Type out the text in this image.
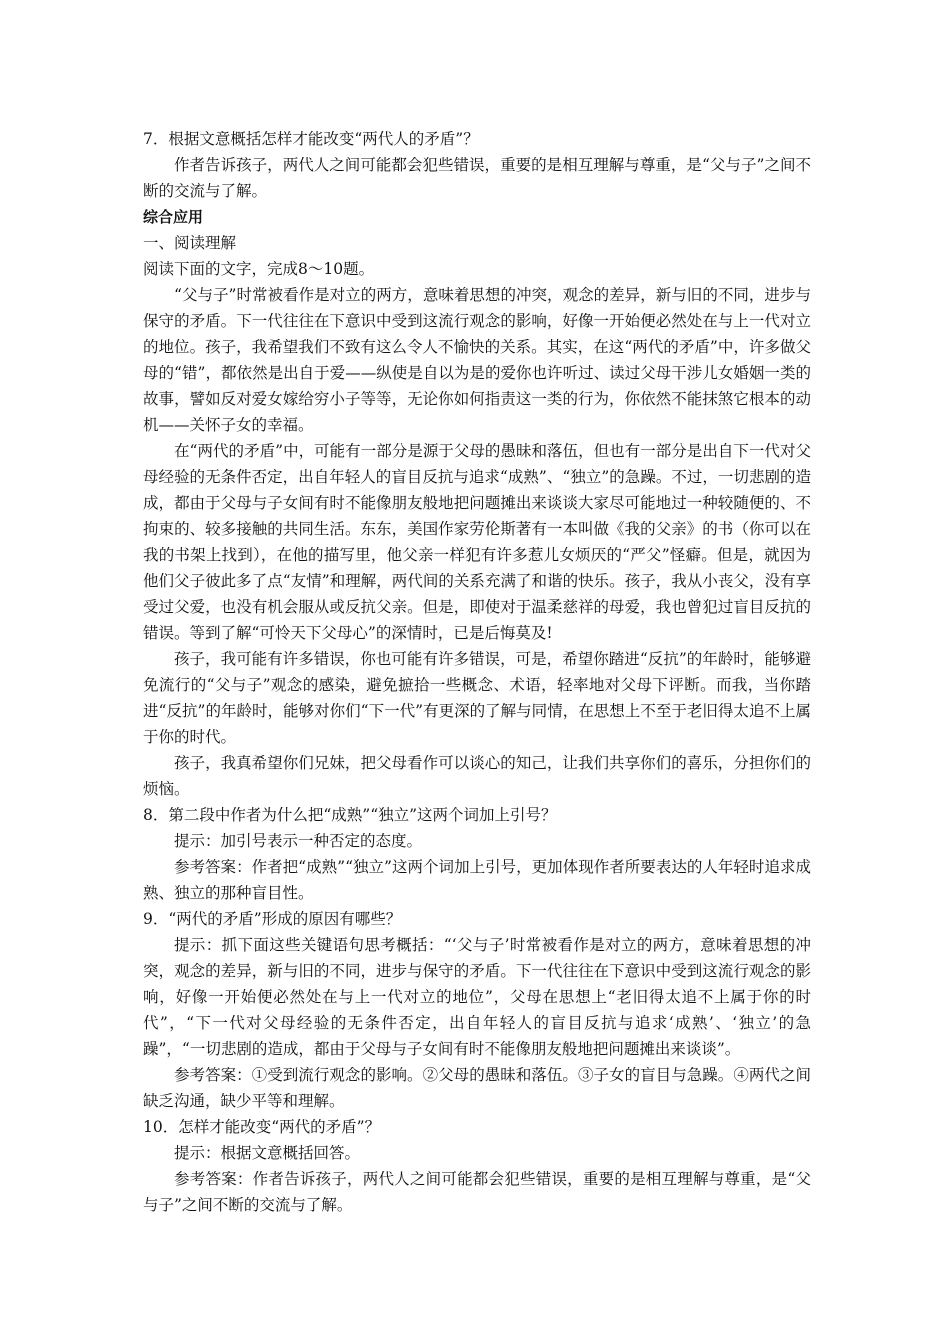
7．根据文意概括怎样才能改变“两代人的矛盾”？

作者告诉孩子，两代人之间可能都会犯些错误，重要的是相互理解与尊重，是“父与子”之间不断的交流与了解。

综合应用

一、阅读理解

阅读下面的文字，完成8～10题。

“父与子”时常被看作是对立的两方，意味着思想的冲突，观念的差异，新与旧的不同，进步与保守的矛盾。下一代往往在下意识中受到这流行观念的影响，好像一开始便必然处在与上一代对立的地位。孩子，我希望我们不致有这么令人不愉快的关系。其实，在这“两代的矛盾”中，许多做父母的“错”，都依然是出自于爱——纵使是自以为是的爱你也许听过、读过父母干涉儿女婚姻一类的故事，譬如反对爱女嫁给穷小子等等，无论你如何指责这一类的行为，你依然不能抹煞它根本的动机——关怀子女的幸福。

在“两代的矛盾”中，可能有一部分是源于父母的愚昧和落伍，但也有一部分是出自下一代对父母经验的无条件否定，出自年轻人的盲目反抗与追求“成熟”、“独立”的急躁。不过，一切悲剧的造成，都由于父母与子女间有时不能像朋友般地把问题摊出来谈谈大家尽可能地过一种较随便的、不拘束的、较多接触的共同生活。东东，美国作家劳伦斯著有一本叫做《我的父亲》的书（你可以在我的书架上找到），在他的描写里，他父亲一样犯有许多惹儿女烦厌的“严父”怪癖。但是，就因为他们父子彼此多了点“友情”和理解，两代间的关系充满了和谐的快乐。孩子，我从小丧父，没有享受过父爱，也没有机会服从或反抗父亲。但是，即使对于温柔慈祥的母爱，我也曾犯过盲目反抗的错误。等到了解“可怜天下父母心”的深情时，已是后悔莫及!

孩子，我可能有许多错误，你也可能有许多错误，可是，希望你踏进“反抗”的年龄时，能够避免流行的“父与子”观念的感染，避免摭拾一些概念、术语，轻率地对父母下评断。而我，当你踏进“反抗”的年龄时，能够对你们“下一代”有更深的了解与同情，在思想上不至于老旧得太追不上属于你的时代。

孩子，我真希望你们兄妹，把父母看作可以谈心的知己，让我们共享你们的喜乐，分担你们的烦恼。

8．第二段中作者为什么把“成熟”“独立”这两个词加上引号？

提示：加引号表示一种否定的态度。

参考答案：作者把“成熟”“独立”这两个词加上引号，更加体现作者所要表达的人年轻时追求成熟、独立的那种盲目性。

9．“两代的矛盾”形成的原因有哪些？

提示：抓下面这些关键语句思考概括：“‘父与子’时常被看作是对立的两方，意味着思想的冲突，观念的差异，新与旧的不同，进步与保守的矛盾。下一代往往在下意识中受到这流行观念的影响，好像一开始便必然处在与上一代对立的地位”，父母在思想上“老旧得太追不上属于你的时代”，“下一代对父母经验的无条件否定，出自年轻人的盲目反抗与追求‘成熟’、‘独立’的急躁”，“一切悲剧的造成，都由于父母与子女间有时不能像朋友般地把问题摊出来谈谈”。

参考答案：①受到流行观念的影响。②父母的愚昧和落伍。③子女的盲目与急躁。④两代之间缺乏沟通，缺少平等和理解。

10．怎样才能改变“两代的矛盾”？

提示：根据文意概括回答。

参考答案：作者告诉孩子，两代人之间可能都会犯些错误，重要的是相互理解与尊重，是“父与子”之间不断的交流与了解。
